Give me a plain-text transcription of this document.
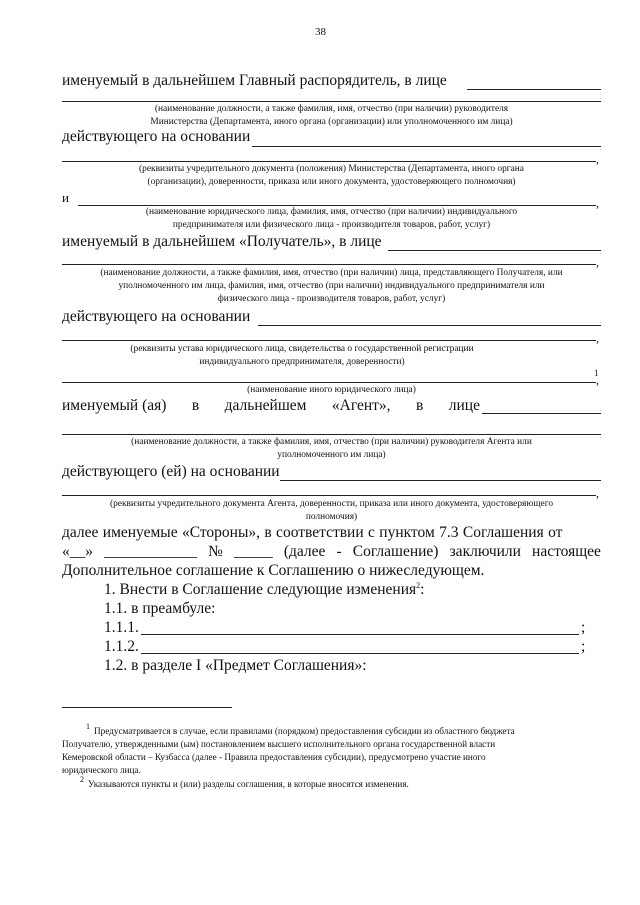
38
именуемый в дальнейшем Главный распорядитель, в лице
(наименование должности, а также фамилия, имя, отчество (при наличии) руководителя
Министерства (Департамента, иного органа (организации) или уполномоченного им лица)
действующего на основании
,
(реквизиты учредительного документа (положения) Министерства (Департамента, иного органа
(организации), доверенности, приказа или иного документа, удостоверяющего полномочия)
и	,
(наименование юридического лица, фамилия, имя, отчество (при наличии) индивидуального
предпринимателя или физического лица - производителя товаров, работ, услуг)
именуемый в дальнейшем «Получатель», в лице
,
(наименование должности, а также фамилия, имя, отчество (при наличии) лица, представляющего Получателя, или
уполномоченного им лица, фамилия, имя, отчество (при наличии) индивидуального предпринимателя или
физического лица - производителя товаров, работ, услуг)
действующего на основании
,
(реквизиты устава юридического лица, свидетельства о государственной регистрации
индивидуального предпринимателя, доверенности)
1
,
(наименование иного юридического лица)
именуемый (ая) в дальнейшем «Агент», в лице
(наименование должности, а также фамилия, имя, отчество (при наличии) руководителя Агента или
уполномоченного им лица)
действующего (ей) на основании
,
(реквизиты учредительного документа Агента, доверенности, приказа или иного документа, удостоверяющего
полномочия)
далее именуемые «Стороны», в соответствии с пунктом 7.3 Соглашения от
«__» ____________ № _____ (далее - Соглашение) заключили настоящее
Дополнительное соглашение к Соглашению о нижеследующем.
1. Внести в Соглашение следующие изменения$^2$:
1.1. в преамбуле:
1.1.1.	;
1.1.2.	;
1.2. в разделе I «Предмет Соглашения»:
1 Предусматривается в случае, если правилами (порядком) предоставления субсидии из областного бюджета
Получателю, утвержденными (ым) постановлением высшего исполнительного органа государственной власти
Кемеровской области – Кузбасса (далее - Правила предоставления субсидии), предусмотрено участие иного
юридического лица.
2 Указываются пункты и (или) разделы соглашения, в которые вносятся изменения.
